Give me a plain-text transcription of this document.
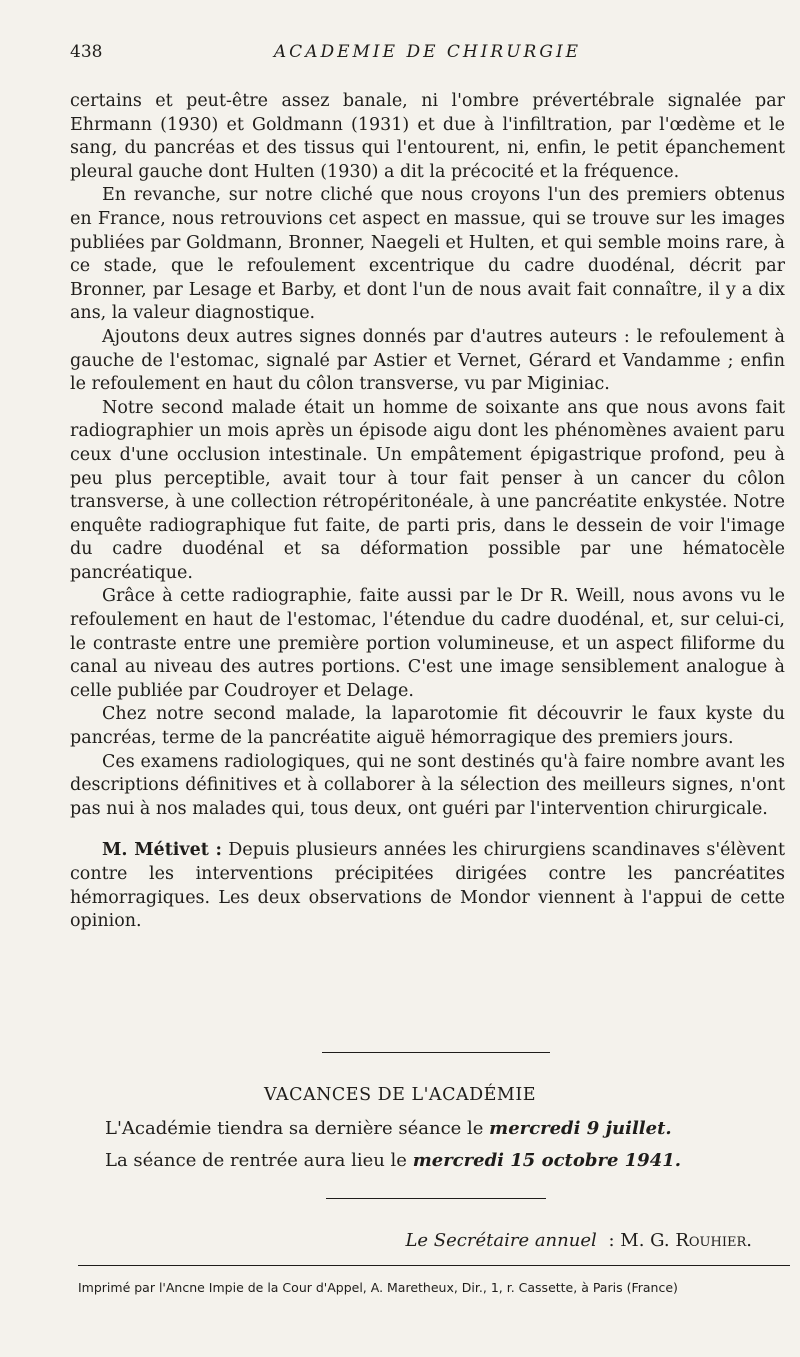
438	ACADEMIE DE CHIRURGIE

certains et peut-être assez banale, ni l'ombre prévertébrale signalée par Ehrmann (1930) et Goldmann (1931) et due à l'infiltration, par l'œdème et le sang, du pancréas et des tissus qui l'entourent, ni, enfin, le petit épanchement pleural gauche dont Hulten (1930) a dit la précocité et la fréquence.

En revanche, sur notre cliché que nous croyons l'un des premiers obtenus en France, nous retrouvions cet aspect en massue, qui se trouve sur les images publiées par Goldmann, Bronner, Naegeli et Hulten, et qui semble moins rare, à ce stade, que le refoulement excentrique du cadre duodénal, décrit par Bronner, par Lesage et Barby, et dont l'un de nous avait fait connaître, il y a dix ans, la valeur diagnostique.

Ajoutons deux autres signes donnés par d'autres auteurs : le refoulement à gauche de l'estomac, signalé par Astier et Vernet, Gérard et Vandamme ; enfin le refoulement en haut du côlon transverse, vu par Miginiac.

Notre second malade était un homme de soixante ans que nous avons fait radiographier un mois après un épisode aigu dont les phénomènes avaient paru ceux d'une occlusion intestinale. Un empâtement épigastrique profond, peu à peu plus perceptible, avait tour à tour fait penser à un cancer du côlon transverse, à une collection rétropéritonéale, à une pancréatite enkystée. Notre enquête radiographique fut faite, de parti pris, dans le dessein de voir l'image du cadre duodénal et sa déformation possible par une hématocèle pancréatique.

Grâce à cette radiographie, faite aussi par le Dr R. Weill, nous avons vu le refoulement en haut de l'estomac, l'étendue du cadre duodénal, et, sur celui-ci, le contraste entre une première portion volumineuse, et un aspect filiforme du canal au niveau des autres portions. C'est une image sensiblement analogue à celle publiée par Coudroyer et Delage.

Chez notre second malade, la laparotomie fit découvrir le faux kyste du pancréas, terme de la pancréatite aiguë hémorragique des premiers jours.

Ces examens radiologiques, qui ne sont destinés qu'à faire nombre avant les descriptions définitives et à collaborer à la sélection des meilleurs signes, n'ont pas nui à nos malades qui, tous deux, ont guéri par l'intervention chirurgicale.

M. Métivet : Depuis plusieurs années les chirurgiens scandinaves s'élèvent contre les interventions précipitées dirigées contre les pancréatites hémorragiques. Les deux observations de Mondor viennent à l'appui de cette opinion.

VACANCES DE L'ACADÉMIE
L'Académie tiendra sa dernière séance le mercredi 9 juillet.
La séance de rentrée aura lieu le mercredi 15 octobre 1941.
Le Secrétaire annuel : M. G. Rouhier.
Imprimé par l'Ancne Impie de la Cour d'Appel, A. Maretheux, Dir., 1, r. Cassette, à Paris (France)
